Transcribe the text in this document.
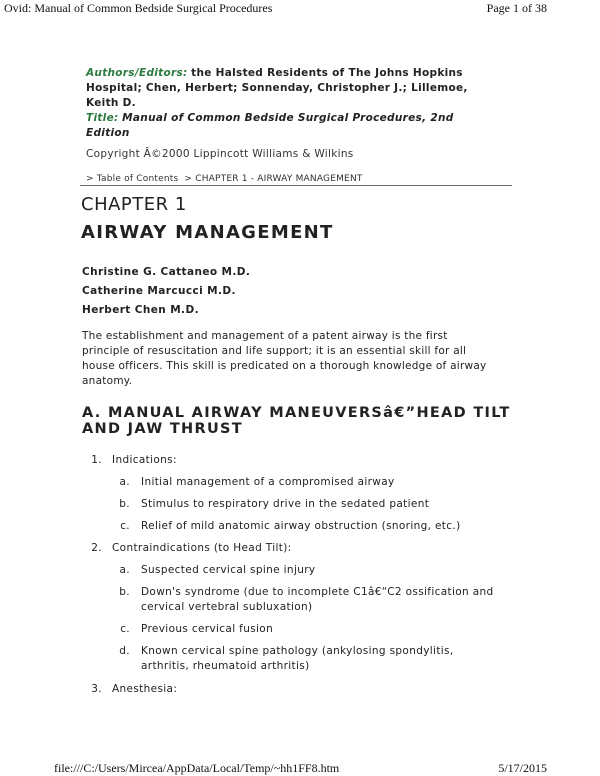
Ovid: Manual of Common Bedside Surgical Procedures	Page 1 of 38
Authors/Editors: the Halsted Residents of The Johns Hopkins
Hospital; Chen, Herbert; Sonnenday, Christopher J.; Lillemoe,
Keith D.
Title: Manual of Common Bedside Surgical Procedures, 2nd
Edition
Copyright Â©2000 Lippincott Williams & Wilkins
> Table of Contents > CHAPTER 1 - AIRWAY MANAGEMENT
CHAPTER 1
AIRWAY MANAGEMENT
Christine G. Cattaneo M.D.
Catherine Marcucci M.D.
Herbert Chen M.D.
The establishment and management of a patent airway is the first
principle of resuscitation and life support; it is an essential skill for all
house officers. This skill is predicated on a thorough knowledge of airway
anatomy.
A. MANUAL AIRWAY MANEUVERSâ€”HEAD TILT
AND JAW THRUST
1. Indications:
a. Initial management of a compromised airway
b. Stimulus to respiratory drive in the sedated patient
c. Relief of mild anatomic airway obstruction (snoring, etc.)
2. Contraindications (to Head Tilt):
a. Suspected cervical spine injury
b. Down's syndrome (due to incomplete C1â€“C2 ossification and
cervical vertebral subluxation)
c. Previous cervical fusion
d. Known cervical spine pathology (ankylosing spondylitis,
arthritis, rheumatoid arthritis)
3. Anesthesia:
file:///C:/Users/Mircea/AppData/Local/Temp/~hh1FF8.htm	5/17/2015
